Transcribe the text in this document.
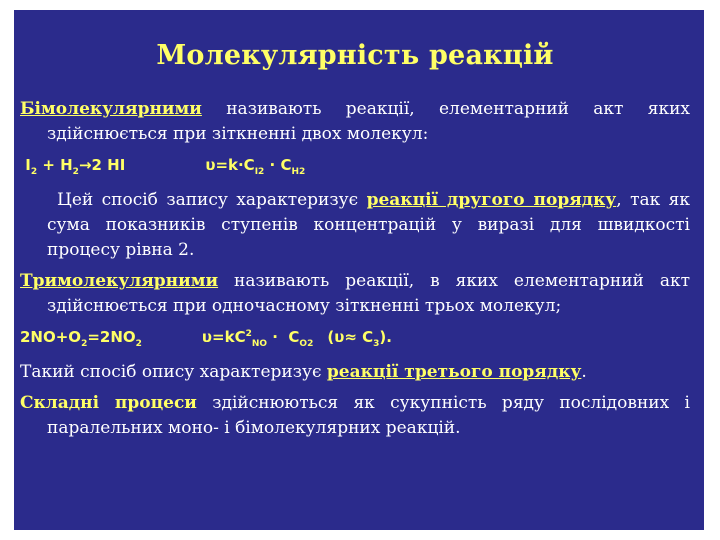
Молекулярність реакцій

Бімолекулярними називають реакції, елементарний акт яких здійснюється при зіткненні двох молекул:

$I_2 + H_2\to 2$ HI	$\upsilon=k\cdot C_{I2} \cdot C_{H2}$

Цей спосіб запису характеризує реакції другого порядку, так як сума показників ступенів концентрацій у виразі для швидкості процесу рівна 2.

Тримолекулярними називають реакції, в яких елементарний акт здійснюється при одночасному зіткненні трьох молекул;

$2NO+O_2=2NO_2$	$\upsilon=kC^2_{NO} \cdot C_{O2}$ $(\upsilon\approx C_3)$.

Такий спосіб опису характеризує реакції третього порядку.

Складні процеси здійснюються як сукупність ряду послідовних і паралельних моно- і бімолекулярних реакцій.
